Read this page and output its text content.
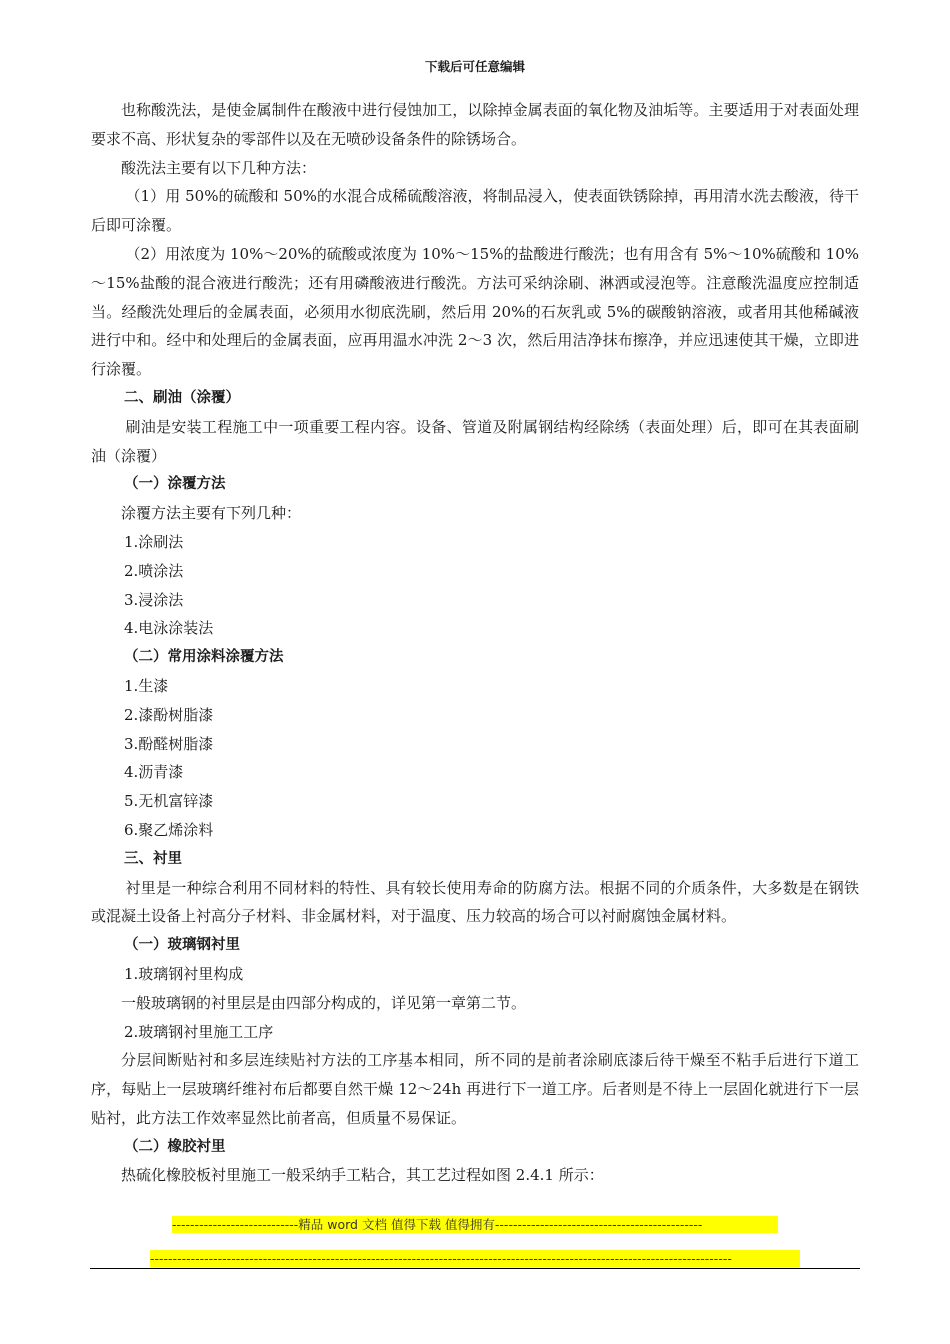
下载后可任意编辑

也称酸洗法，是使金属制件在酸液中进行侵蚀加工，以除掉金属表面的氧化物及油垢等。主要适用于对表面处理要求不高、形状复杂的零部件以及在无喷砂设备条件的除锈场合。

酸洗法主要有以下几种方法：

（1）用 50%的硫酸和 50%的水混合成稀硫酸溶液，将制品浸入，使表面铁锈除掉，再用清水洗去酸液，待干后即可涂覆。

（2）用浓度为 10%～20%的硫酸或浓度为 10%～15%的盐酸进行酸洗；也有用含有 5%～10%硫酸和 10%～15%盐酸的混合液进行酸洗；还有用磷酸液进行酸洗。方法可采纳涂刷、淋洒或浸泡等。注意酸洗温度应控制适当。经酸洗处理后的金属表面，必须用水彻底洗刷，然后用 20%的石灰乳或 5%的碳酸钠溶液，或者用其他稀碱液进行中和。经中和处理后的金属表面，应再用温水冲洗 2～3 次，然后用洁净抹布擦净，并应迅速使其干燥，立即进行涂覆。

二、刷油（涂覆）

刷油是安装工程施工中一项重要工程内容。设备、管道及附属钢结构经除绣（表面处理）后，即可在其表面刷油（涂覆）

（一）涂覆方法

涂覆方法主要有下列几种：

1.涂刷法

2.喷涂法

3.浸涂法

4.电泳涂装法

（二）常用涂料涂覆方法

1.生漆

2.漆酚树脂漆

3.酚醛树脂漆

4.沥青漆

5.无机富锌漆

6.聚乙烯涂料

三、衬里

衬里是一种综合利用不同材料的特性、具有较长使用寿命的防腐方法。根据不同的介质条件，大多数是在钢铁或混凝土设备上衬高分子材料、非金属材料，对于温度、压力较高的场合可以衬耐腐蚀金属材料。

（一）玻璃钢衬里

1.玻璃钢衬里构成

一般玻璃钢的衬里层是由四部分构成的，详见第一章第二节。

2.玻璃钢衬里施工工序

分层间断贴衬和多层连续贴衬方法的工序基本相同，所不同的是前者涂刷底漆后待干燥至不粘手后进行下道工序，每贴上一层玻璃纤维衬布后都要自然干燥 12～24h 再进行下一道工序。后者则是不待上一层固化就进行下一层贴衬，此方法工作效率显然比前者高，但质量不易保证。

（二）橡胶衬里

热硫化橡胶板衬里施工一般采纳手工粘合，其工艺过程如图 2.4.1 所示：

----------------------------精品 word 文档 值得下载 值得拥有----------------------------------------------
---------------------------------------------------------------------------------------------------------------------------------
